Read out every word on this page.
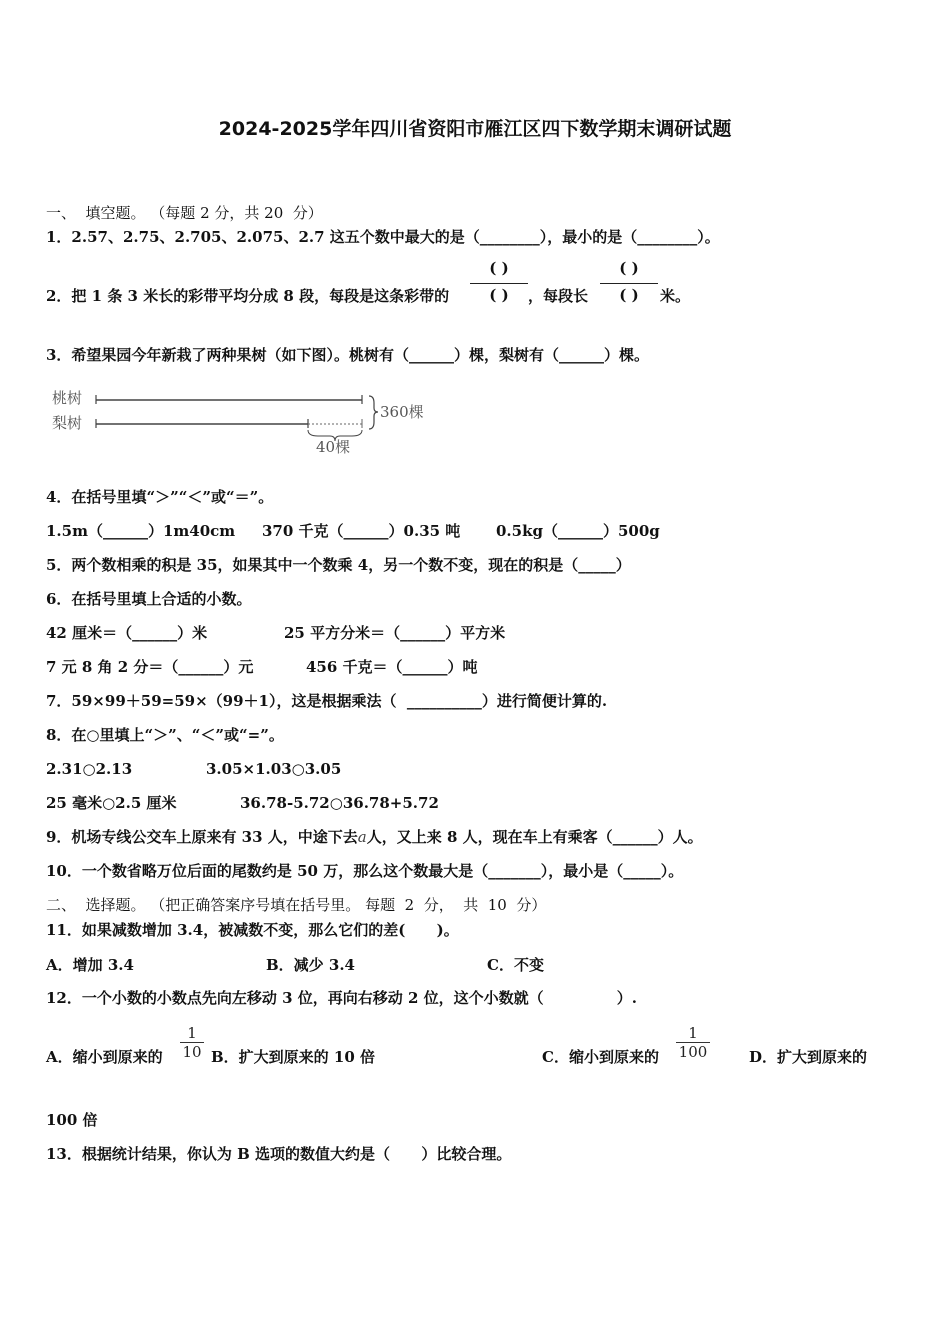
2024-2025学年四川省资阳市雁江区四下数学期末调研试题
一、  填空题。 （每题 2 分，共 20  分）
1．2.57、2.75、2.705、2.075、2.7 这五个数中最大的是（________），最小的是（________）。
2．把 1 条 3 米长的彩带平均分成 8 段，每段是这条彩带的
( )
( )	，每段长
( )
( )	米。
3．希望果园今年新栽了两种果树（如下图）。桃树有（______）棵，梨树有（______）棵。
桃树
梨树
360棵
40棵
4．在括号里填“＞”“＜”或“＝”。
1.5m（______）1m40cm 370 千克（______）0.35 吨 0.5kg（______）500g
5．两个数相乘的积是 35，如果其中一个数乘 4，另一个数不变，现在的积是（_____）
6．在括号里填上合适的小数。
42 厘米＝（______）米	25 平方分米＝（______）平方米
7 元 8 角 2 分＝（______）元	456 千克＝（______）吨
7．59×99＋59=59×（99＋1），这是根据乘法（  __________）进行简便计算的.
8．在○里填上“＞”、“＜”或“=”。
2.31○2.13	3.05×1.03○3.05
25 毫米○2.5 厘米	36.78-5.72○36.78+5.72
9．机场专线公交车上原来有 33 人，中途下去a人，又上来 8 人，现在车上有乘客（______）人。
10．一个数省略万位后面的尾数约是 50 万，那么这个数最大是（_______），最小是（_____）。
二、  选择题。 （把正确答案序号填在括号里。 每题  2  分，  共  10  分）
11．如果减数增加 3.4，被减数不变，那么它们的差(      )。
A．增加 3.4	B．减少 3.4	C．不变
12．一个小数的小数点先向左移动 3 位，再向右移动 2 位，这个小数就（              ）.
A．缩小到原来的 $\frac{1}{10}$ B．扩大到原来的 10 倍	C．缩小到原来的 $\frac{1}{100}$	D．扩大到原来的
100 倍
13．根据统计结果，你认为 B 选项的数值大约是（      ）比较合理。
